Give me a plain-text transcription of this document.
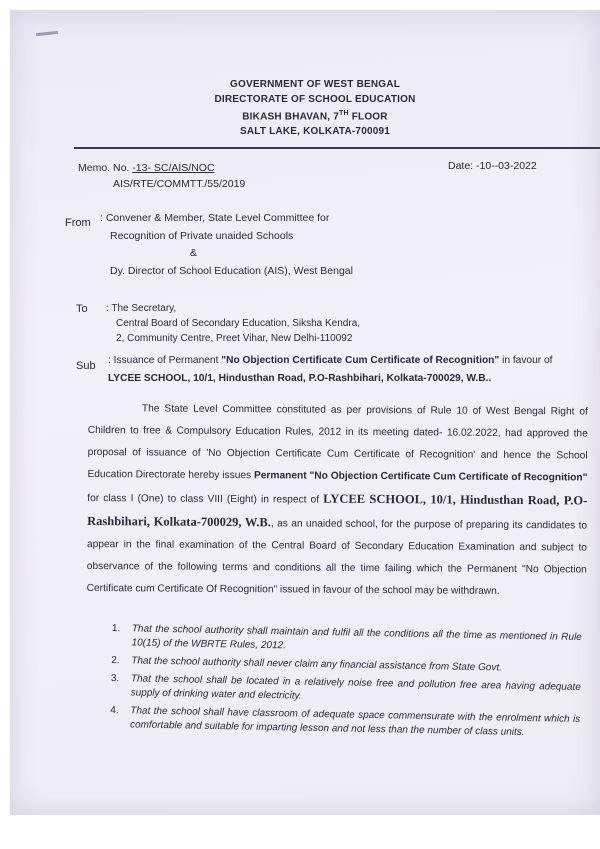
GOVERNMENT OF WEST BENGAL
DIRECTORATE OF SCHOOL EDUCATION
BIKASH BHAVAN, 7TH FLOOR
SALT LAKE, KOLKATA-700091
Memo. No. -13- SC/AIS/NOC
AIS/RTE/COMMTT./55/2019
Date: -10--03-2022
From : Convener & Member, State Level Committee for
Recognition of Private unaided Schools
&
Dy. Director of School Education (AIS), West Bengal
To : The Secretary,
Central Board of Secondary Education, Siksha Kendra,
2, Community Centre, Preet Vihar, New Delhi-110092
Sub : Issuance of Permanent "No Objection Certificate Cum Certificate of Recognition" in favour of LYCEE SCHOOL, 10/1, Hindusthan Road, P.O-Rashbihari, Kolkata-700029, W.B..
The State Level Committee constituted as per provisions of Rule 10 of West Bengal Right of Children to free & Compulsory Education Rules, 2012 in its meeting dated- 16.02.2022, had approved the proposal of issuance of 'No Objection Certificate Cum Certificate of Recognition' and hence the School Education Directorate hereby issues Permanent "No Objection Certificate Cum Certificate of Recognition" for class I (One) to class VIII (Eight) in respect of LYCEE SCHOOL, 10/1, Hindusthan Road, P.O-Rashbihari, Kolkata-700029, W.B., as an unaided school, for the purpose of preparing its candidates to appear in the final examination of the Central Board of Secondary Education Examination and subject to observance of the following terms and conditions all the time failing which the Permanent "No Objection Certificate cum Certificate Of Recognition" issued in favour of the school may be withdrawn.
1.	That the school authority shall maintain and fulfil all the conditions all the time as mentioned in Rule 10(15) of the WBRTE Rules, 2012.
2.	That the school authority shall never claim any financial assistance from State Govt.
3.	That the school shall be located in a relatively noise free and pollution free area having adequate supply of drinking water and electricity.
4.	That the school shall have classroom of adequate space commensurate with the enrolment which is comfortable and suitable for imparting lesson and not less than the number of class units.
